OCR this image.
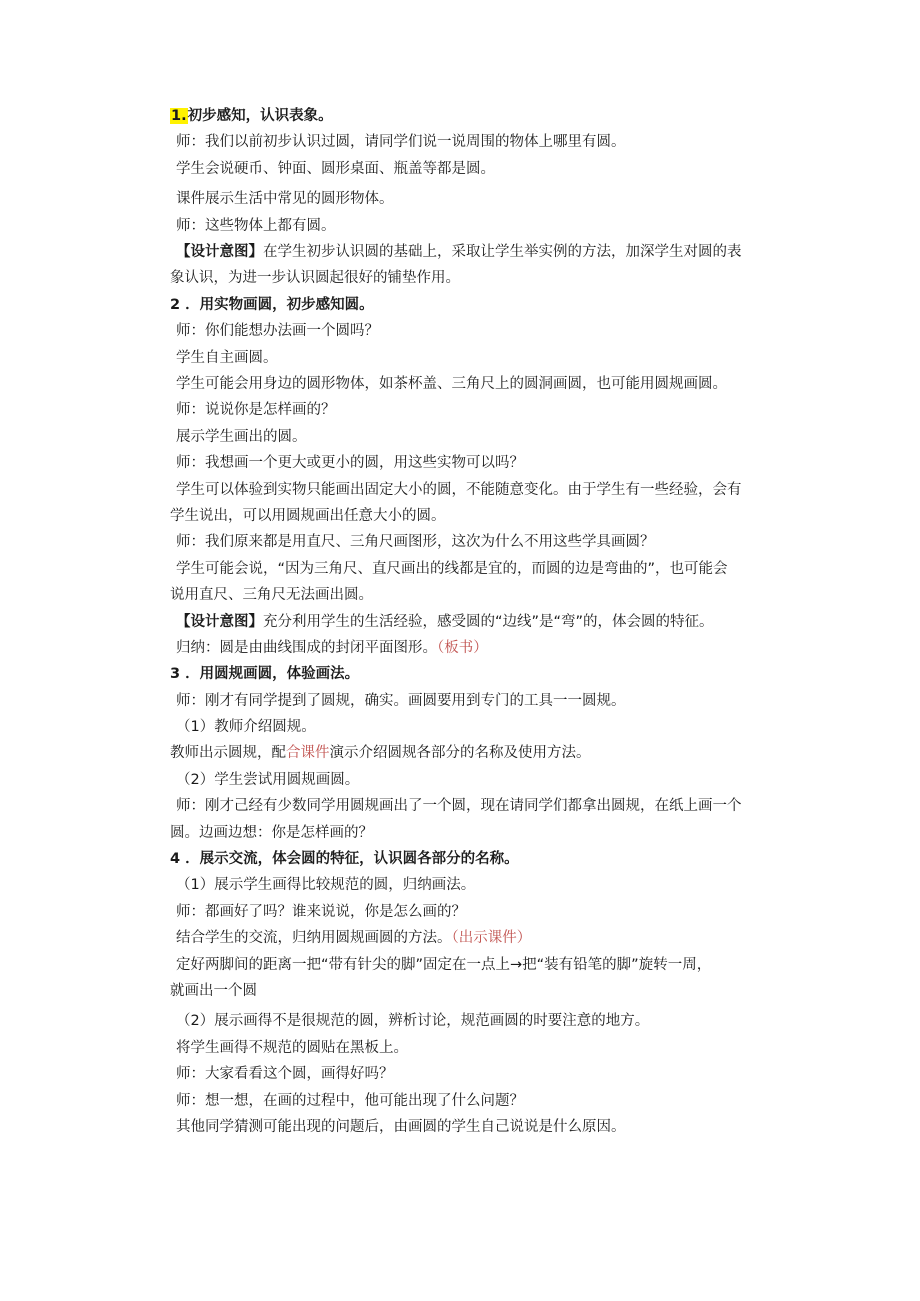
1.初步感知，认识表象。
师：我们以前初步认识过圆，请同学们说一说周围的物体上哪里有圆。
学生会说硬币、钟面、圆形桌面、瓶盖等都是圆。
课件展示生活中常见的圆形物体。
师：这些物体上都有圆。
【设计意图】在学生初步认识圆的基础上，采取让学生举实例的方法，加深学生对圆的表
象认识，为进一步认识圆起很好的铺垫作用。
2 ．用实物画圆，初步感知圆。
师：你们能想办法画一个圆吗？
学生自主画圆。
学生可能会用身边的圆形物体，如茶杯盖、三角尺上的圆洞画圆，也可能用圆规画圆。
师：说说你是怎样画的？
展示学生画出的圆。
师：我想画一个更大或更小的圆，用这些实物可以吗？
学生可以体验到实物只能画出固定大小的圆，不能随意变化。由于学生有一些经验，会有
学生说出，可以用圆规画出任意大小的圆。
师：我们原来都是用直尺、三角尺画图形，这次为什么不用这些学具画圆？
学生可能会说，“因为三角尺、直尺画出的线都是宜的，而圆的边是弯曲的”，也可能会
说用直尺、三角尺无法画出圆。
【设计意图】充分利用学生的生活经验，感受圆的“边线”是“弯”的，体会圆的特征。
归纳：圆是由曲线围成的封闭平面图形。（板书）
3 ．用圆规画圆，体验画法。
师：刚才有同学提到了圆规，确实。画圆要用到专门的工具一一圆规。
（1）教师介绍圆规。
教师出示圆规，配合课件演示介绍圆规各部分的名称及使用方法。
（2）学生尝试用圆规画圆。
师：刚才己经有少数同学用圆规画出了一个圆，现在请同学们都拿出圆规，在纸上画一个
圆。边画边想：你是怎样画的？
4 ．展示交流，体会圆的特征，认识圆各部分的名称。
（1）展示学生画得比较规范的圆，归纳画法。
师：都画好了吗？谁来说说，你是怎么画的？
结合学生的交流，归纳用圆规画圆的方法。（出示课件）
定好两脚间的距离一把“带有针尖的脚”固定在一点上→把“装有铅笔的脚”旋转一周，
就画出一个圆
（2）展示画得不是很规范的圆，辨析讨论，规范画圆的时要注意的地方。
将学生画得不规范的圆贴在黑板上。
师：大家看看这个圆，画得好吗？
师：想一想，在画的过程中，他可能出现了什么问题？
其他同学猜测可能出现的问题后，由画圆的学生自己说说是什么原因。
